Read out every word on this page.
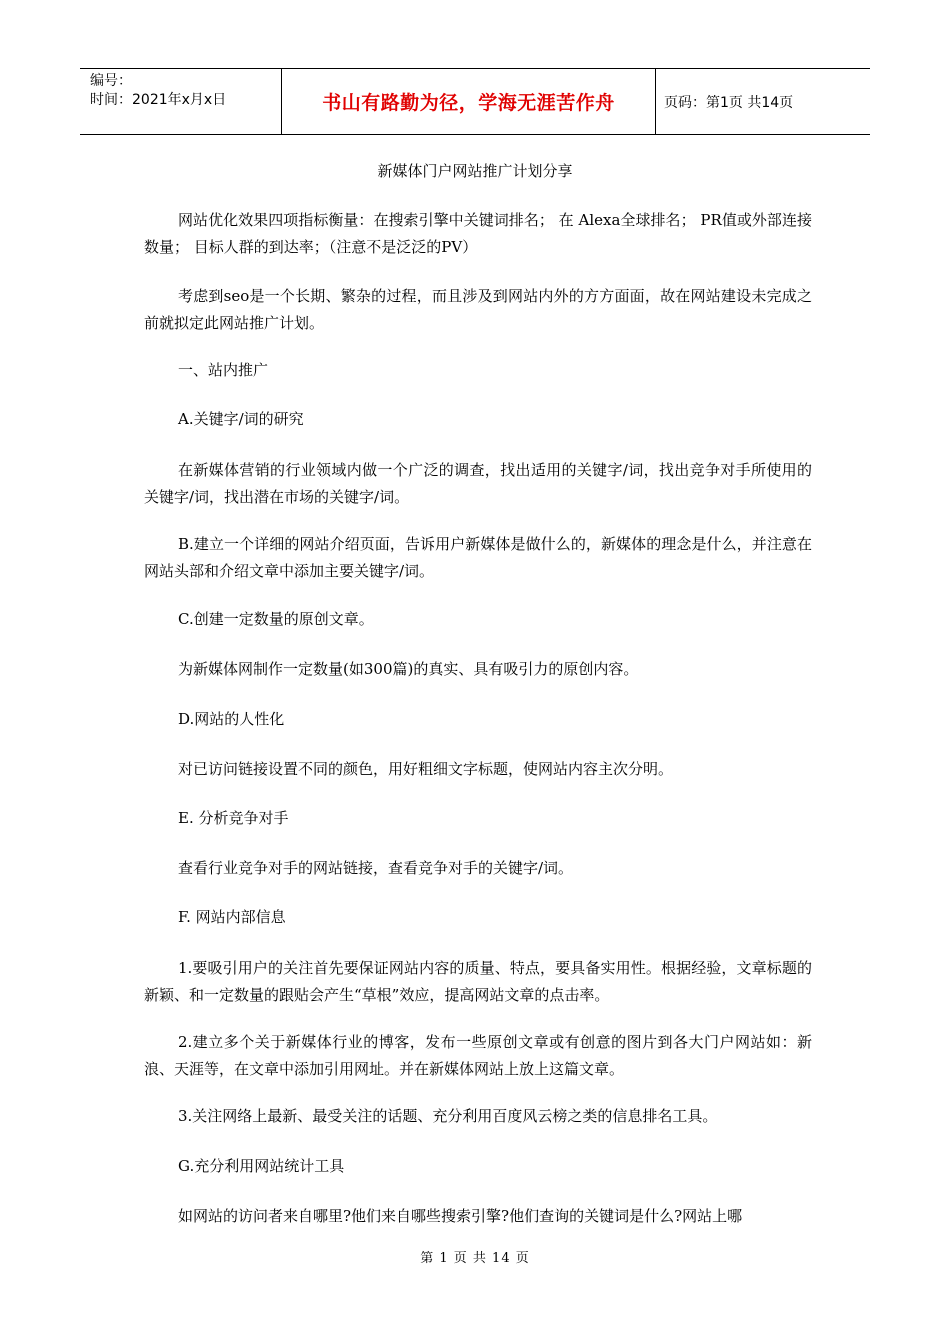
编号：
时间：2021年x月x日	书山有路勤为径，学海无涯苦作舟	页码：第1页 共14页
新媒体门户网站推广计划分享
网站优化效果四项指标衡量：在搜索引擎中关键词排名； 在 Alexa全球排名； PR值或外部连接数量； 目标人群的到达率；（注意不是泛泛的PV）
考虑到seo是一个长期、繁杂的过程，而且涉及到网站内外的方方面面，故在网站建设未完成之前就拟定此网站推广计划。
一、站内推广
A.关键字/词的研究
在新媒体营销的行业领域内做一个广泛的调查，找出适用的关键字/词，找出竞争对手所使用的关键字/词，找出潜在市场的关键字/词。
B.建立一个详细的网站介绍页面，告诉用户新媒体是做什么的，新媒体的理念是什么，并注意在网站头部和介绍文章中添加主要关键字/词。
C.创建一定数量的原创文章。
为新媒体网制作一定数量(如300篇)的真实、具有吸引力的原创内容。
D.网站的人性化
对已访问链接设置不同的颜色，用好粗细文字标题，使网站内容主次分明。
E. 分析竞争对手
查看行业竞争对手的网站链接，查看竞争对手的关键字/词。
F. 网站内部信息
1.要吸引用户的关注首先要保证网站内容的质量、特点，要具备实用性。根据经验，文章标题的新颖、和一定数量的跟贴会产生“草根”效应，提高网站文章的点击率。
2.建立多个关于新媒体行业的博客，发布一些原创文章或有创意的图片到各大门户网站如：新浪、天涯等，在文章中添加引用网址。并在新媒体网站上放上这篇文章。
3.关注网络上最新、最受关注的话题、充分利用百度风云榜之类的信息排名工具。
G.充分利用网站统计工具
如网站的访问者来自哪里?他们来自哪些搜索引擎?他们查询的关键词是什么?网站上哪
第 1 页 共 14 页
